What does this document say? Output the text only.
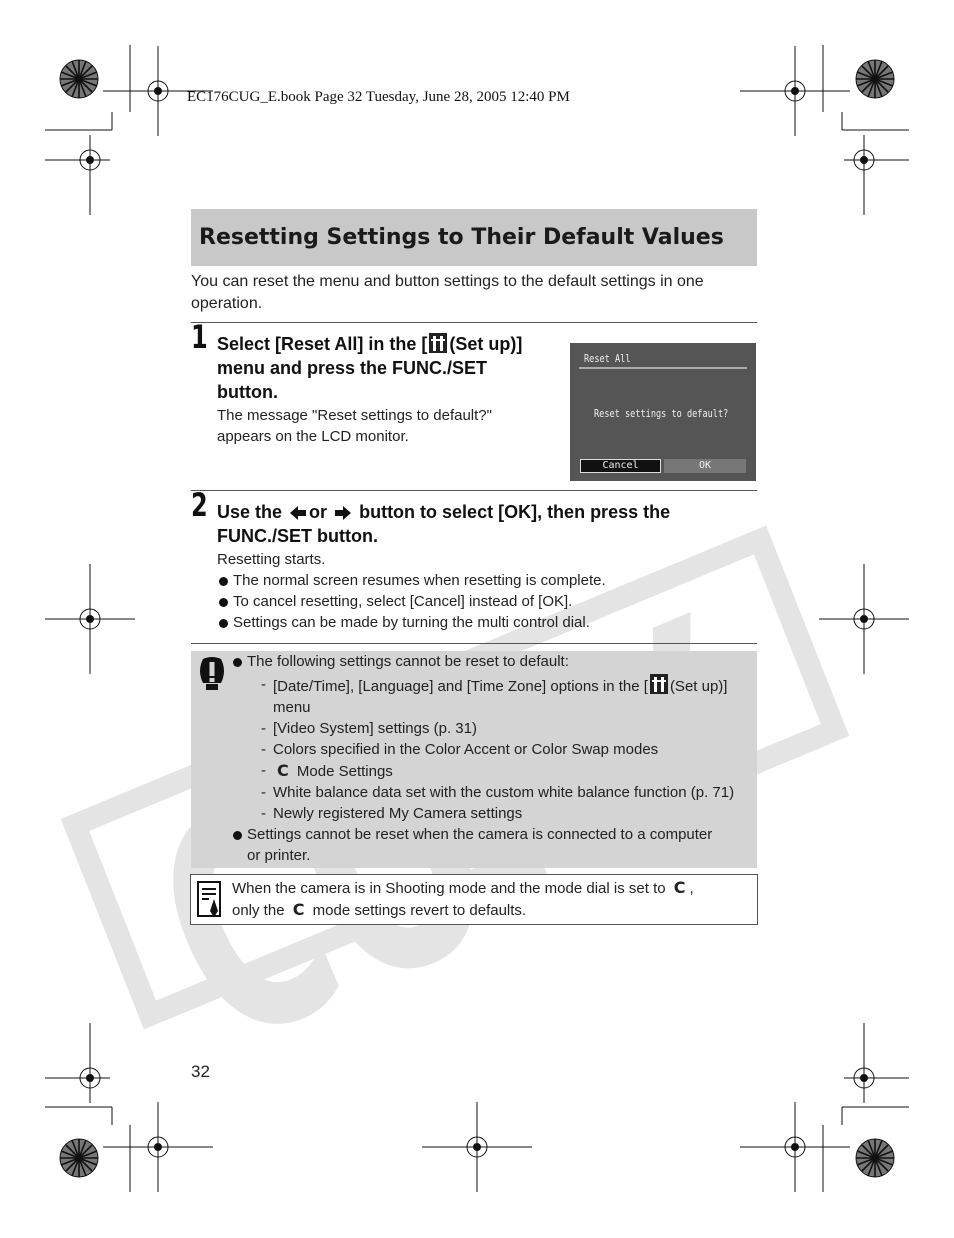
EC176CUG_E.book Page 32 Tuesday, June 28, 2005 12:40 PM
Resetting Settings to Their Default Values
You can reset the menu and button settings to the default settings in one operation.
1 Select [Reset All] in the [ (Set up)]
menu and press the FUNC./SET
button.
The message "Reset settings to default?"
appears on the LCD monitor.
Reset All
Reset settings to default?
Cancel	OK
2 Use the or button to select [OK], then press the
FUNC./SET button.
Resetting starts.
The normal screen resumes when resetting is complete.
To cancel resetting, select [Cancel] instead of [OK].
Settings can be made by turning the multi control dial.
The following settings cannot be reset to default:
- [Date/Time], [Language] and [Time Zone] options in the [ (Set up)]
menu
- [Video System] settings (p. 31)
- Colors specified in the Color Accent or Color Swap modes
- C Mode Settings
- White balance data set with the custom white balance function (p. 71)
- Newly registered My Camera settings
Settings cannot be reset when the camera is connected to a computer
or printer.
When the camera is in Shooting mode and the mode dial is set to C ,
only the C mode settings revert to defaults.
32
